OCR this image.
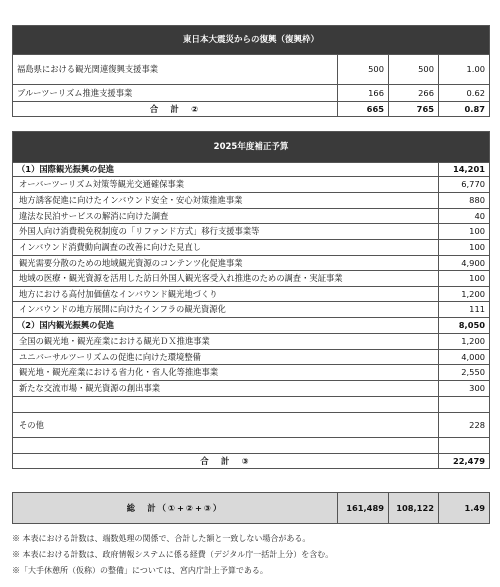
東日本大震災からの復興（復興枠）			
福島県における観光関連復興支援事業	500	500	1.00
ブルーツーリズム推進支援事業	166	266	0.62
合　計　②	665	765	0.87
2025年度補正予算	
（1）国際観光振興の促進	14,201
オーバーツーリズム対策等観光交通確保事業	6,770
地方誘客促進に向けたインバウンド安全・安心対策推進事業	880
違法な民泊サービスの解消に向けた調査	40
外国人向け消費税免税制度の「リファンド方式」移行支援事業等	100
インバウンド消費動向調査の改善に向けた見直し	100
観光需要分散のための地域観光資源のコンテンツ化促進事業	4,900
地域の医療・観光資源を活用した訪日外国人観光客受入れ推進のための調査・実証事業	100
地方における高付加価値なインバウンド観光地づくり	1,200
インバウンドの地方展開に向けたインフラの観光資源化	111
（2）国内観光振興の促進	8,050
全国の観光地・観光産業における観光ＤＸ推進事業	1,200
ユニバーサルツーリズムの促進に向けた環境整備	4,000
観光地・観光産業における省力化・省人化等推進事業	2,550
新たな交流市場・観光資源の創出事業	300

その他	228

合　計　③	22,479
総　計（①+②+③）	161,489	108,122	1.49
※ 本表における計数は、端数処理の関係で、合計した額と一致しない場合がある。
※ 本表における計数は、政府情報システムに係る経費（デジタル庁一括計上分）を含む。
※「大手休憩所（仮称）の整備」については、宮内庁計上予算である。
